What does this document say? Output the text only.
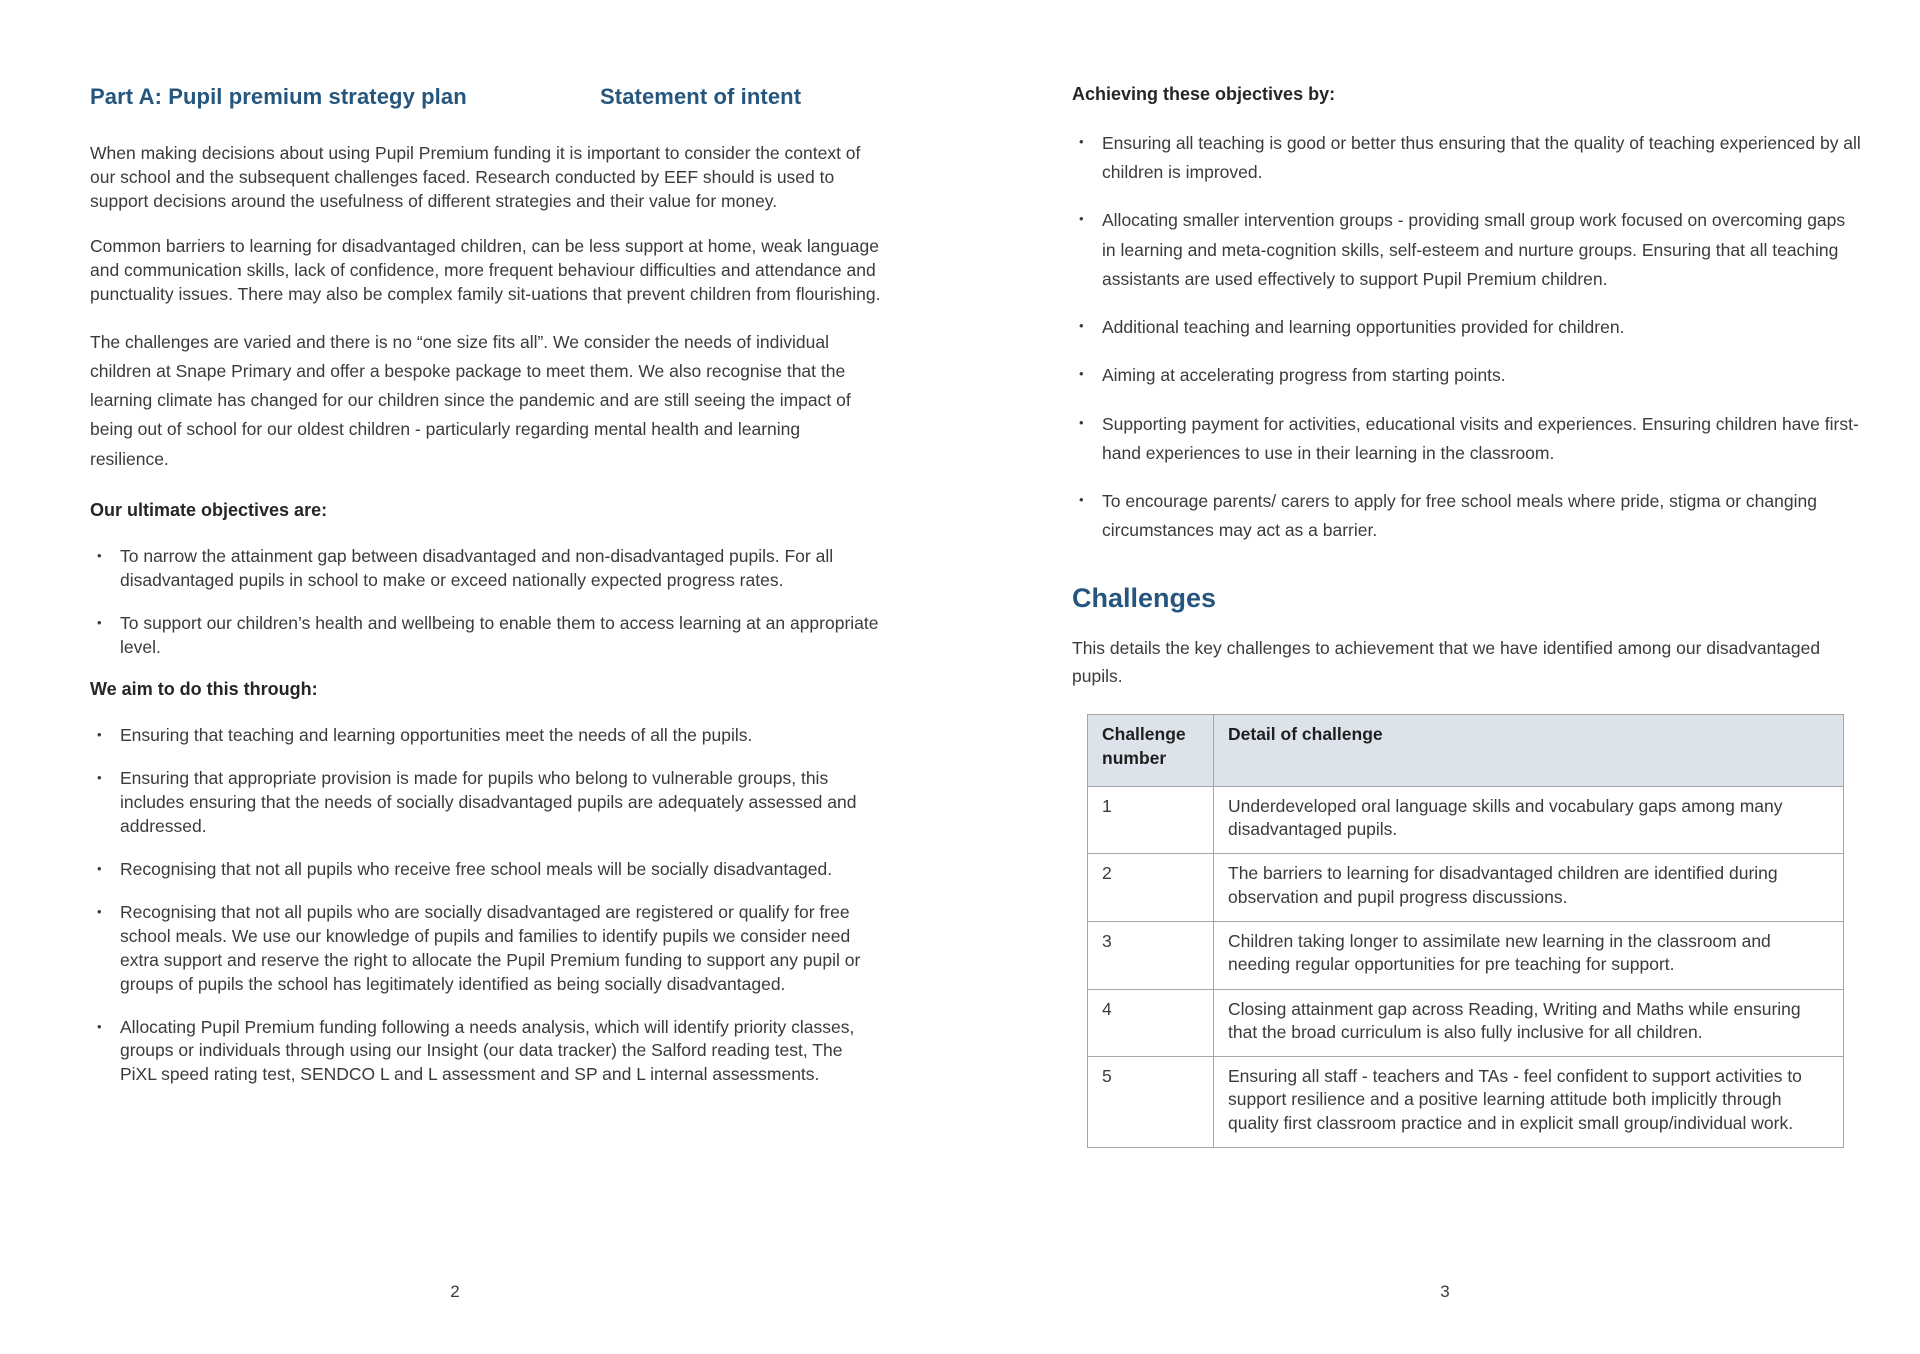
Part A: Pupil premium strategy plan	Statement of intent

When making decisions about using Pupil Premium funding it is important to consider the context of our school and the subsequent challenges faced. Research conducted by EEF should is used to support decisions around the usefulness of different strategies and their value for money.

Common barriers to learning for disadvantaged children, can be less support at home, weak language and communication skills, lack of confidence, more frequent behaviour difficulties and attendance and punctuality issues. There may also be complex family sit-uations that prevent children from flourishing.

The challenges are varied and there is no “one size fits all”. We consider the needs of individual children at Snape Primary and offer a bespoke package to meet them. We also recognise that the learning climate has changed for our children since the pandemic and are still seeing the impact of being out of school for our oldest children - particularly regarding mental health and learning resilience.

Our ultimate objectives are:
•	To narrow the attainment gap between disadvantaged and non-disadvantaged pupils. For all disadvantaged pupils in school to make or exceed nationally expected progress rates.
•	To support our children’s health and wellbeing to enable them to access learning at an appropriate level.
We aim to do this through:
•	Ensuring that teaching and learning opportunities meet the needs of all the pupils.
•	Ensuring that appropriate provision is made for pupils who belong to vulnerable groups, this includes ensuring that the needs of socially disadvantaged pupils are adequately assessed and addressed.
•	Recognising that not all pupils who receive free school meals will be socially disadvantaged.
•	Recognising that not all pupils who are socially disadvantaged are registered or qualify for free school meals. We use our knowledge of pupils and families to identify pupils we consider need extra support and reserve the right to allocate the Pupil Premium funding to support any pupil or groups of pupils the school has legitimately identified as being socially disadvantaged.
•	Allocating Pupil Premium funding following a needs analysis, which will identify priority classes, groups or individuals through using our Insight (our data tracker) the Salford reading test, The PiXL speed rating test, SENDCO L and L assessment and SP and L internal assessments.
2
Achieving these objectives by:
•	Ensuring all teaching is good or better thus ensuring that the quality of teaching experienced by all children is improved.
•	Allocating smaller intervention groups - providing small group work focused on overcoming gaps in learning and meta-cognition skills, self-esteem and nurture groups. Ensuring that all teaching assistants are used effectively to support Pupil Premium children.
•	Additional teaching and learning opportunities provided for children.
•	Aiming at accelerating progress from starting points.
•	Supporting payment for activities, educational visits and experiences. Ensuring children have first-hand experiences to use in their learning in the classroom.
•	To encourage parents/ carers to apply for free school meals where pride, stigma or changing circumstances may act as a barrier.
Challenges

This details the key challenges to achievement that we have identified among our disadvantaged pupils.

Challenge number	Detail of challenge
1	Underdeveloped oral language skills and vocabulary gaps among many disadvantaged pupils.
2	The barriers to learning for disadvantaged children are identified during observation and pupil progress discussions.
3	Children taking longer to assimilate new learning in the classroom and needing regular opportunities for pre teaching for support.
4	Closing attainment gap across Reading, Writing and Maths while ensuring that the broad curriculum is also fully inclusive for all children.
5	Ensuring all staff - teachers and TAs - feel confident to support activities to support resilience and a positive learning attitude both implicitly through quality first classroom practice and in explicit small group/individual work.
3
